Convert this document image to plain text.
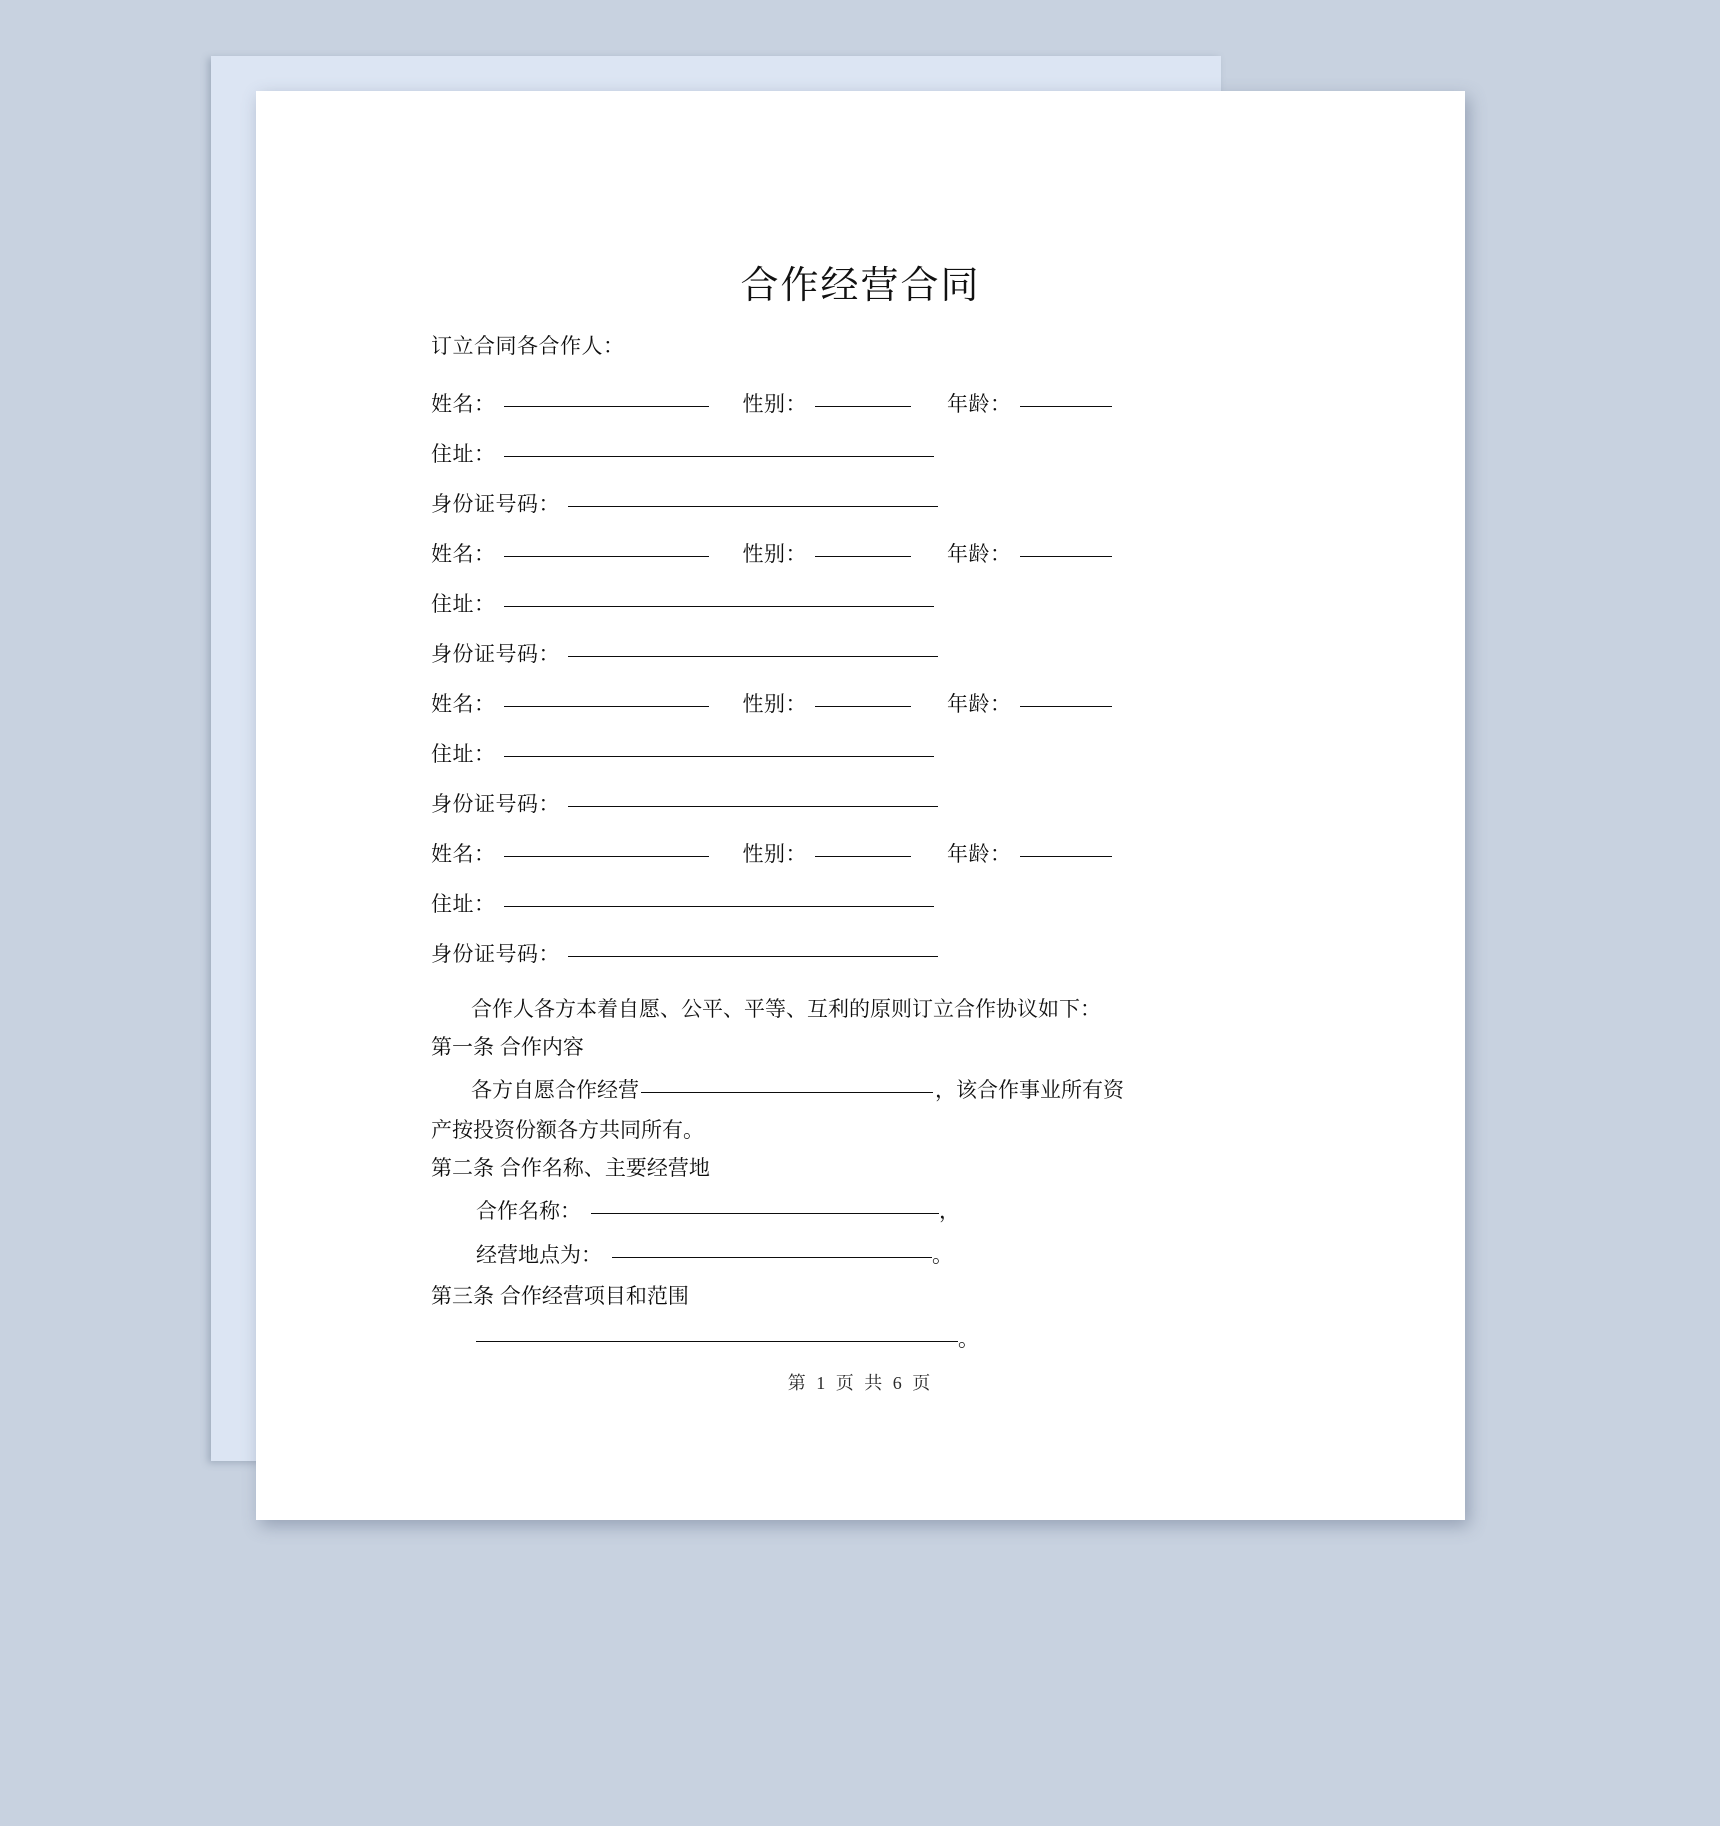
合作经营合同
订立合同各合作人：
姓名：	性别：	年龄：
住址：
身份证号码：
姓名：	性别：	年龄：
住址：
身份证号码：
姓名：	性别：	年龄：
住址：
身份证号码：
姓名：	性别：	年龄：
住址：
身份证号码：

合作人各方本着自愿、公平、平等、互利的原则订立合作协议如下：

第一条 合作内容

各方自愿合作经营	，该合作事业所有资

产按投资份额各方共同所有。

第二条 合作名称、主要经营地

合作名称：	，
经营地点为：	。

第三条 合作经营项目和范围

。
第 1 页 共 6 页
